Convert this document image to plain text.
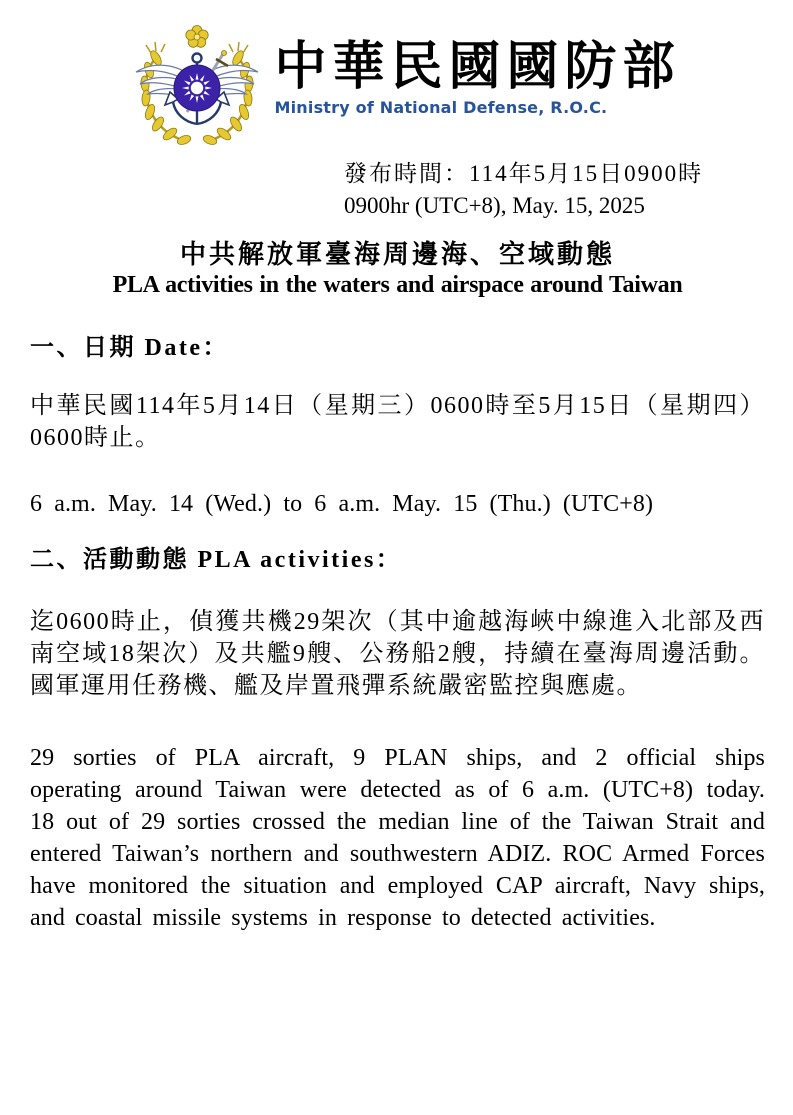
中華民國國防部
Ministry of National Defense, R.O.C.
發布時間：114年5月15日0900時
0900hr (UTC+8), May. 15, 2025
中共解放軍臺海周邊海、空域動態
PLA activities in the waters and airspace around Taiwan
一、日期 Date：

中華民國114年5月14日（星期三）0600時至5月15日（星期四）0600時止。

6 a.m. May. 14 (Wed.) to 6 a.m. May. 15 (Thu.) (UTC+8)

二、活動動態 PLA activities：

迄0600時止，偵獲共機29架次（其中逾越海峽中線進入北部及西南空域18架次）及共艦9艘、公務船2艘，持續在臺海周邊活動。國軍運用任務機、艦及岸置飛彈系統嚴密監控與應處。

29 sorties of PLA aircraft, 9 PLAN ships, and 2 official ships operating around Taiwan were detected as of 6 a.m. (UTC+8) today. 18 out of 29 sorties crossed the median line of the Taiwan Strait and entered Taiwan’s northern and southwestern ADIZ. ROC Armed Forces have monitored the situation and employed CAP aircraft, Navy ships, and coastal missile systems in response to detected activities.
